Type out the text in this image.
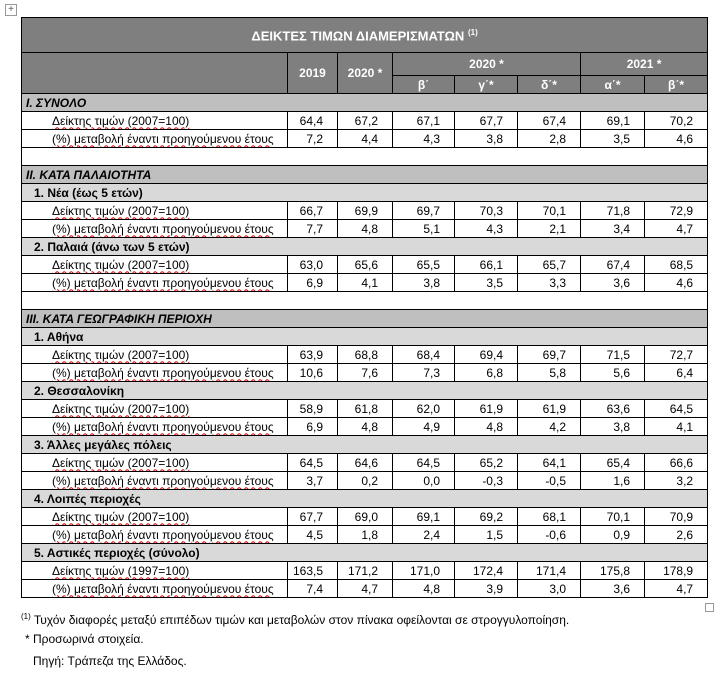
+
ΔΕΙΚΤΕΣ ΤΙΜΩΝ ΔΙΑΜΕΡΙΣΜΑΤΩΝ $^{(1)}$
	2019	2020 *	2020 *			2021 *	
			β΄	γ΄*	δ΄*	α΄*	β΄*
I. ΣΥΝΟΛΟ							
Δείκτης τιμών (2007=100)	64,4	67,2	67,1	67,7	67,4	69,1	70,2
(%) μεταβολή έναντι προηγούμενου έτους	7,2	4,4	4,3	3,8	2,8	3,5	4,6

II. ΚΑΤΑ ΠΑΛΑΙΟΤΗΤΑ							
1. Νέα (έως 5 ετών)							
Δείκτης τιμών (2007=100)	66,7	69,9	69,7	70,3	70,1	71,8	72,9
(%) μεταβολή έναντι προηγούμενου έτους	7,7	4,8	5,1	4,3	2,1	3,4	4,7
2. Παλαιά (άνω των 5 ετών)							
Δείκτης τιμών (2007=100)	63,0	65,6	65,5	66,1	65,7	67,4	68,5
(%) μεταβολή έναντι προηγούμενου έτους	6,9	4,1	3,8	3,5	3,3	3,6	4,6

III. ΚΑΤΑ ΓΕΩΓΡΑΦΙΚΗ ΠΕΡΙΟΧΗ							
1. Αθήνα							
Δείκτης τιμών (2007=100)	63,9	68,8	68,4	69,4	69,7	71,5	72,7
(%) μεταβολή έναντι προηγούμενου έτους	10,6	7,6	7,3	6,8	5,8	5,6	6,4
2. Θεσσαλονίκη							
Δείκτης τιμών (2007=100)	58,9	61,8	62,0	61,9	61,9	63,6	64,5
(%) μεταβολή έναντι προηγούμενου έτους	6,9	4,8	4,9	4,8	4,2	3,8	4,1
3. Άλλες μεγάλες πόλεις							
Δείκτης τιμών (2007=100)	64,5	64,6	64,5	65,2	64,1	65,4	66,6
(%) μεταβολή έναντι προηγούμενου έτους	3,7	0,2	0,0	-0,3	-0,5	1,6	3,2
4. Λοιπές περιοχές							
Δείκτης τιμών (2007=100)	67,7	69,0	69,1	69,2	68,1	70,1	70,9
(%) μεταβολή έναντι προηγούμενου έτους	4,5	1,8	2,4	1,5	-0,6	0,9	2,6
5. Αστικές περιοχές (σύνολο)							
Δείκτης τιμών (1997=100)	163,5	171,2	171,0	172,4	171,4	175,8	178,9
(%) μεταβολή έναντι προηγούμενου έτους	7,4	4,7	4,8	3,9	3,0	3,6	4,7
$^{(1)}$ Τυχόν διαφορές μεταξύ επιπέδων τιμών και μεταβολών στον πίνακα οφείλονται σε στρογγυλοποίηση.
* Προσωρινά στοιχεία.
Πηγή: Τράπεζα της Ελλάδος.
